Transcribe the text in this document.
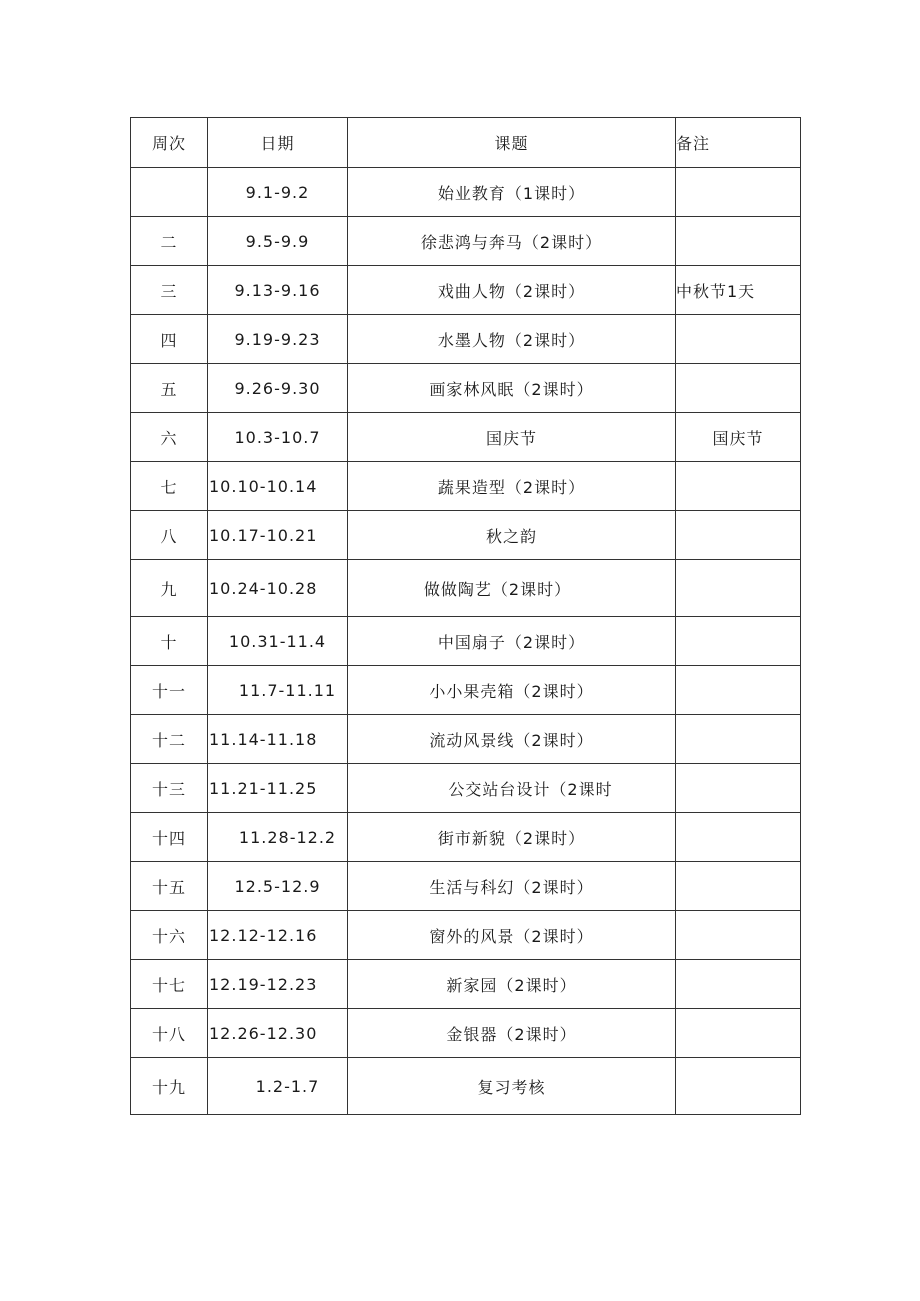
周次	日期	课题	备注
	9.1-9.2	始业教育（1课时）	
二	9.5-9.9	徐悲鸿与奔马（2课时）	
三	9.13-9.16	戏曲人物（2课时）	中秋节1天
四	9.19-9.23	水墨人物（2课时）	
五	9.26-9.30	画家林风眠（2课时）	
六	10.3-10.7	国庆节	国庆节
七	10.10-10.14	蔬果造型（2课时）	
八	10.17-10.21	秋之韵	
九	10.24-10.28	做做陶艺（2课时）	
十	10.31-11.4	中国扇子（2课时）	
十一	11.7-11.11	小小果壳箱（2课时）	
十二	11.14-11.18	流动风景线（2课时）	
十三	11.21-11.25	公交站台设计（2课时	
十四	11.28-12.2	街市新貌（2课时）	
十五	12.5-12.9	生活与科幻（2课时）	
十六	12.12-12.16	窗外的风景（2课时）	
十七	12.19-12.23	新家园（2课时）	
十八	12.26-12.30	金银器（2课时）	
十九	1.2-1.7	复习考核	
